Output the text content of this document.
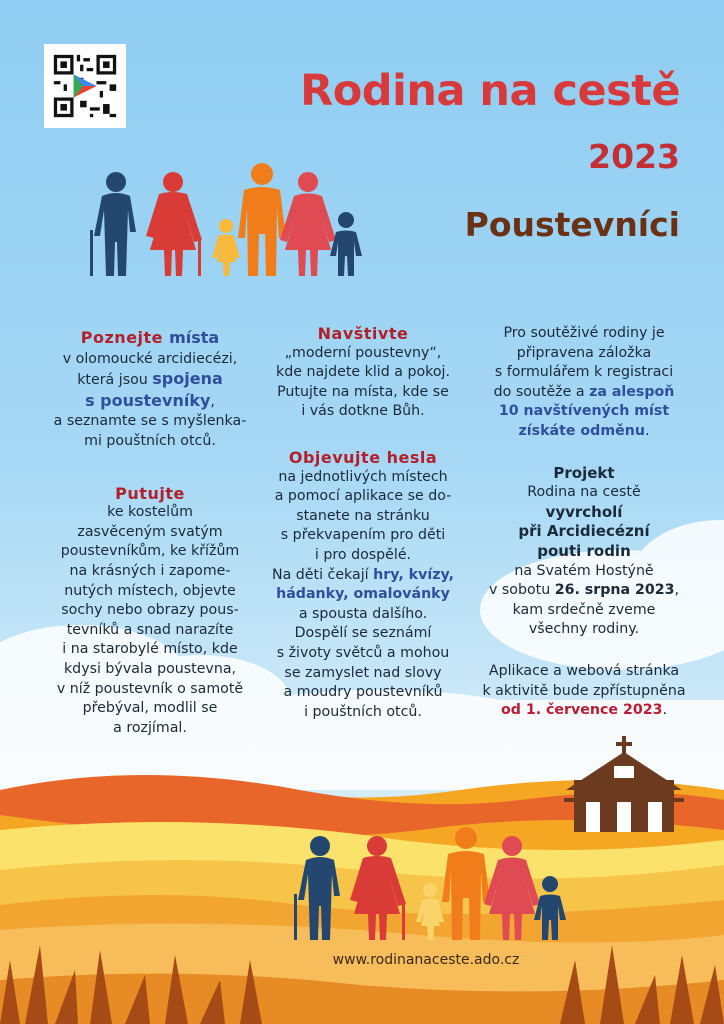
Rodina na cestě
2023
Poustevníci

Poznejte místa

v olomoucké arcidiecézi,

která jsou spojena

s poustevníky,

a seznamte se s myšlenka-

mi pouštních otců.

Putujte

ke kostelům

zasvěceným svatým

poustevníkům, ke křížům

na krásných i zapome-

nutých místech, objevte

sochy nebo obrazy pous-

tevníků a snad narazíte

i na starobylé místo, kde

kdysi bývala poustevna,

v níž poustevník o samotě

přebýval, modlil se

a rozjímal.

Navštivte

„moderní poustevny“,

kde najdete klid a pokoj.

Putujte na místa, kde se

i vás dotkne Bůh.

Objevujte hesla

na jednotlivých místech

a pomocí aplikace se do-

stanete na stránku

s překvapením pro děti

i pro dospělé.

Na děti čekají hry, kvízy,

hádanky, omalovánky

a spousta dalšího.

Dospělí se seznámí

s životy světců a mohou

se zamyslet nad slovy

a moudry poustevníků

i pouštních otců.

Pro soutěživé rodiny je

připravena záložka

s formulářem k registraci

do soutěže a za alespoň

10 navštívených míst

získáte odměnu.

Projekt

Rodina na cestě

vyvrcholí

při Arcidiecézní

pouti rodin

na Svatém Hostýně

v sobotu 26. srpna 2023,

kam srdečně zveme

všechny rodiny.

Aplikace a webová stránka

k aktivitě bude zpřístupněna

od 1. července 2023.

www.rodinanaceste.ado.cz
